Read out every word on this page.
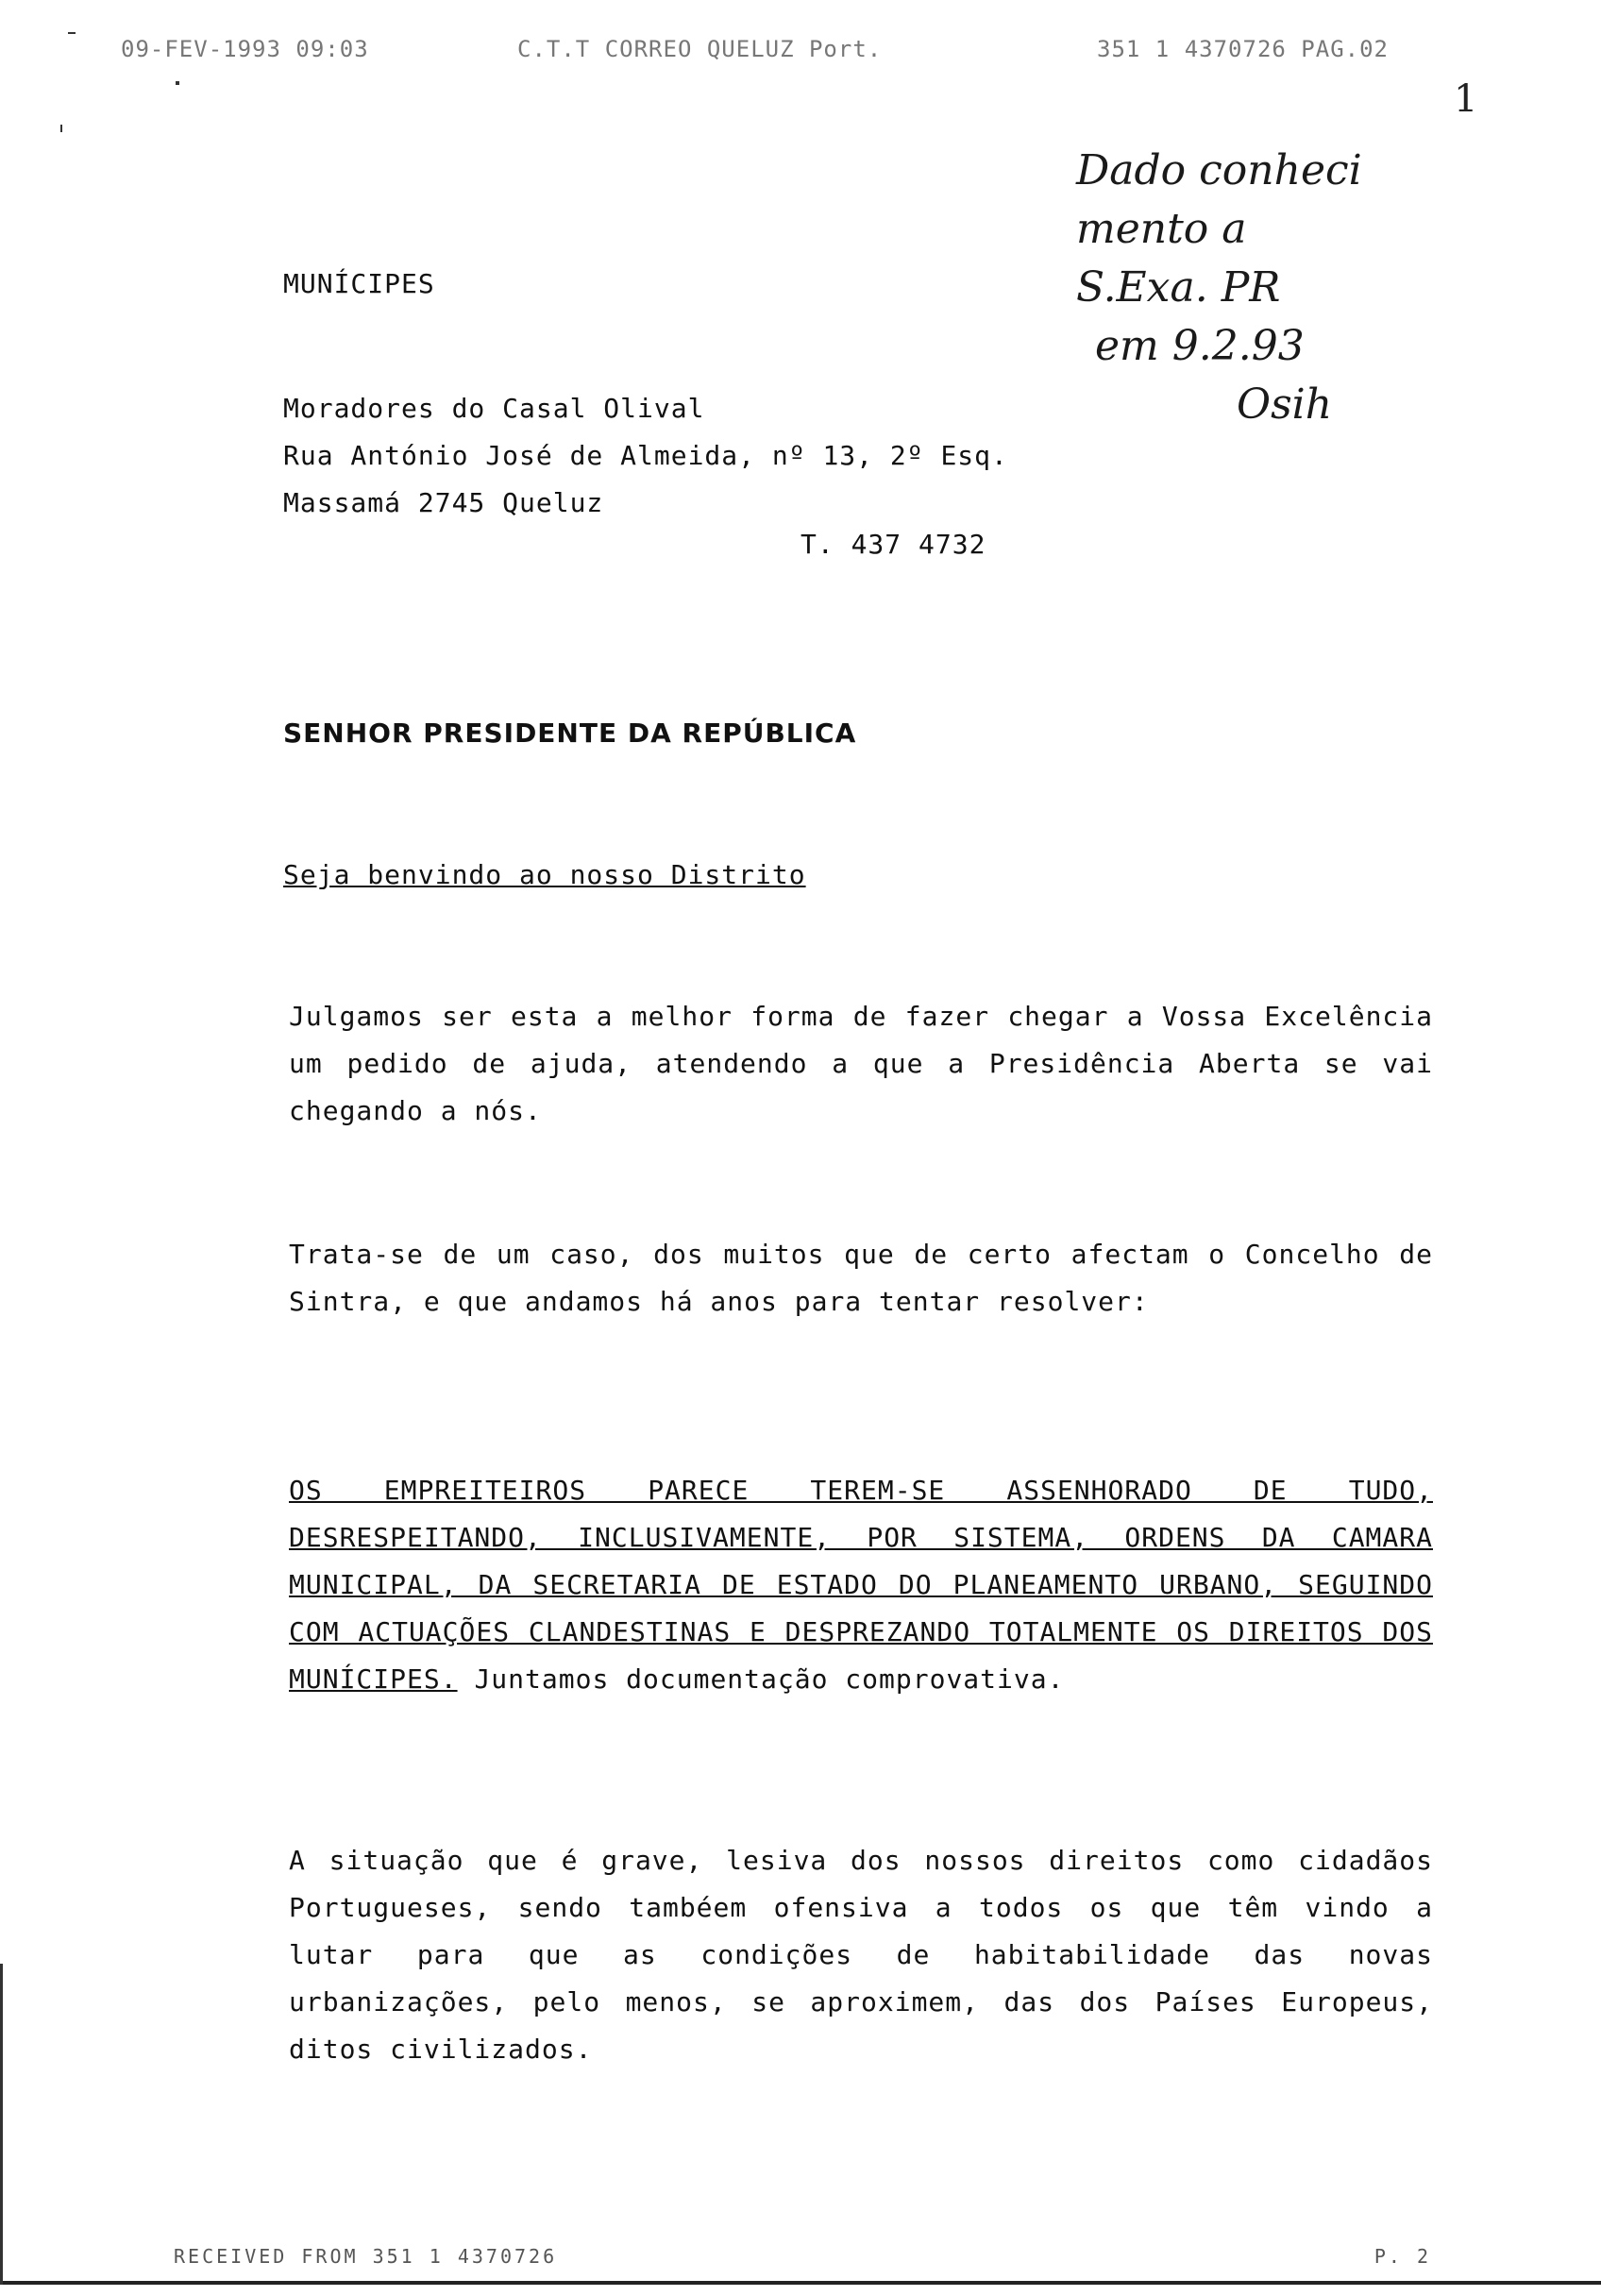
09-FEV-1993 09:03	C.T.T CORREO QUELUZ Port.	351 1 4370726 PAG.02
1
Dado conheci
mento a
S.Exa. PR
em 9.2.93
Osih
MUNÍCIPES
Moradores do Casal Olival
Rua António José de Almeida, nº 13, 2º Esq.
Massamá 2745 Queluz
T. 437 4732
SENHOR PRESIDENTE DA REPÚBLICA
Seja benvindo ao nosso Distrito
Julgamos ser esta a melhor forma de fazer chegar a Vossa Excelência um pedido de ajuda, atendendo a que a Presidência Aberta se vai chegando a nós.
Trata-se de um caso, dos muitos que de certo afectam o Concelho de Sintra, e que andamos há anos para tentar resolver:
OS EMPREITEIROS PARECE TEREM-SE ASSENHORADO DE TUDO, DESRESPEITANDO, INCLUSIVAMENTE, POR SISTEMA, ORDENS DA CAMARA MUNICIPAL, DA SECRETARIA DE ESTADO DO PLANEAMENTO URBANO, SEGUINDO COM ACTUAÇÕES CLANDESTINAS E DESPREZANDO TOTALMENTE OS DIREITOS DOS MUNÍCIPES. Juntamos documentação comprovativa.
A situação que é grave, lesiva dos nossos direitos como cidadãos Portugueses, sendo tambéem ofensiva a todos os que têm vindo a lutar para que as condições de habitabilidade das novas urbanizações, pelo menos, se aproximem, das dos Países Europeus, ditos civilizados.
RECEIVED FROM 351 1 4370726	P. 2
